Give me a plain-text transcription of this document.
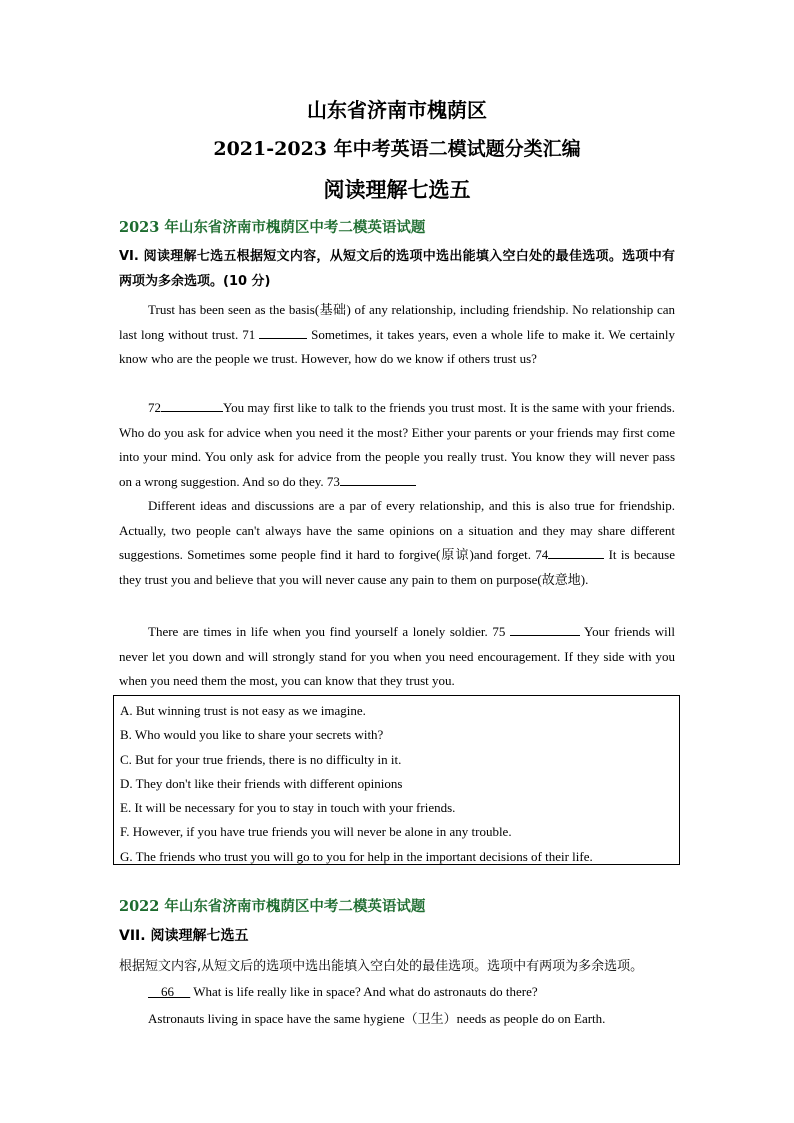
山东省济南市槐荫区
2021-2023 年中考英语二模试题分类汇编
阅读理解七选五
2023 年山东省济南市槐荫区中考二模英语试题
VI. 阅读理解七选五根据短文内容，从短文后的选项中选出能填入空白处的最佳选项。选项中有两项为多余选项。(10 分)

Trust has been seen as the basis(基础) of any relationship, including friendship. No relationship can last long without trust. 71	Sometimes, it takes years, even a whole life to make it. We certainly know who are the people we trust. However, how do we know if others trust us?

72	You may first like to talk to the friends you trust most. It is the same with your friends. Who do you ask for advice when you need it the most? Either your parents or your friends may first come into your mind. You only ask for advice from the people you really trust. You know they will never pass on a wrong suggestion. And so do they. 73

Different ideas and discussions are a par of every relationship, and this is also true for friendship. Actually, two people can't always have the same opinions on a situation and they may share different suggestions. Sometimes some people find it hard to forgive(原谅)and forget. 74	It is because they trust you and believe that you will never cause any pain to them on purpose(故意地).

There are times in life when you find yourself a lonely soldier. 75	Your friends will never let you down and will strongly stand for you when you need encouragement. If they side with you when you need them the most, you can know that they trust you.

A. But winning trust is not easy as we imagine.
B. Who would you like to share your secrets with?
C. But for your true friends, there is no difficulty in it.
D. They don't like their friends with different opinions
E. It will be necessary for you to stay in touch with your friends.
F. However, if you have true friends you will never be alone in any trouble.
G. The friends who trust you will go to you for help in the important decisions of their life.
2022 年山东省济南市槐荫区中考二模英语试题
VII. 阅读理解七选五
根据短文内容,从短文后的选项中选出能填入空白处的最佳选项。选项中有两项为多余选项。
66      What is life really like in space? And what do astronauts do there?
Astronauts living in space have the same hygiene（卫生）needs as people do on Earth.
